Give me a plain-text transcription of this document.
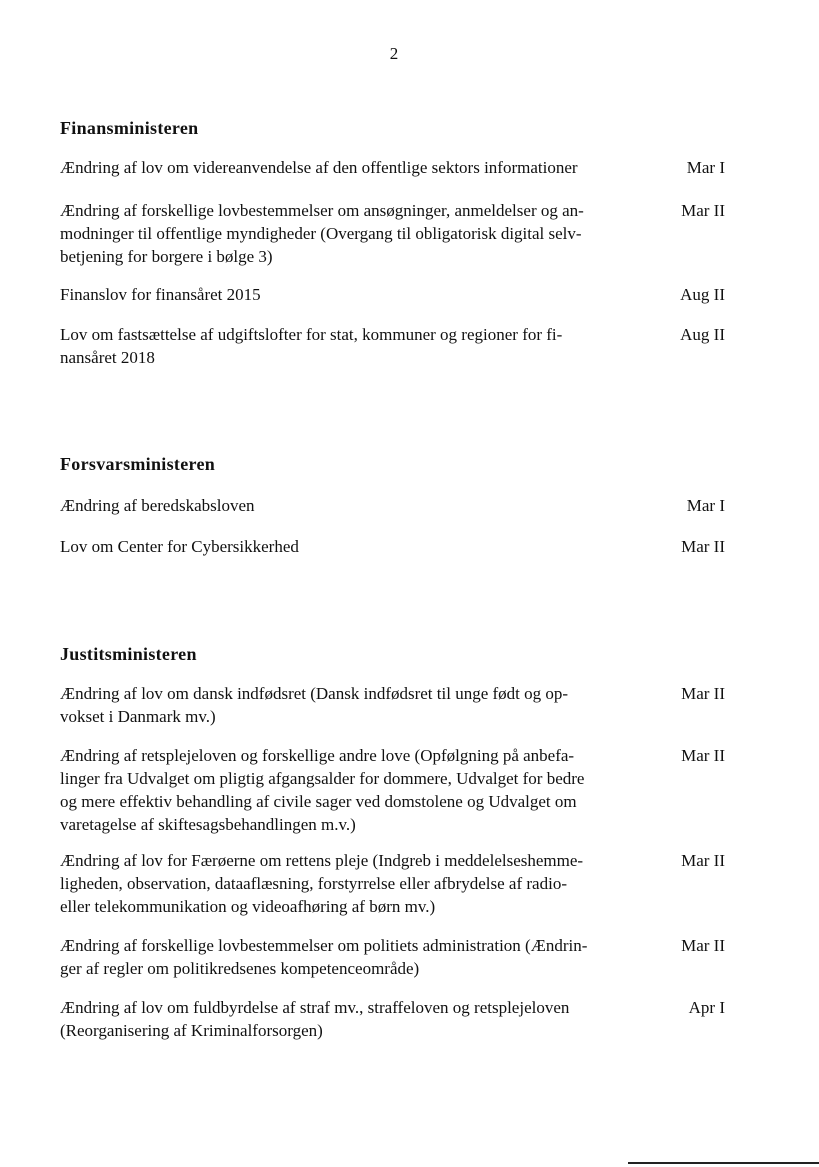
2
Finansministeren
Ændring af lov om videreanvendelse af den offentlige sektors informationer	Mar I
Ændring af forskellige lovbestemmelser om ansøgninger, anmeldelser og an-
modninger til offentlige myndigheder (Overgang til obligatorisk digital selv-
betjening for borgere i bølge 3)
Mar II
Finanslov for finansåret 2015	Aug II
Lov om fastsættelse af udgiftslofter for stat, kommuner og regioner for fi-
nansåret 2018
Aug II
Forsvarsministeren
Ændring af beredskabsloven	Mar I
Lov om Center for Cybersikkerhed	Mar II
Justitsministeren
Ændring af lov om dansk indfødsret (Dansk indfødsret til unge født og op-
vokset i Danmark mv.)
Mar II
Ændring af retsplejeloven og forskellige andre love (Opfølgning på anbefa-
linger fra Udvalget om pligtig afgangsalder for dommere, Udvalget for bedre
og mere effektiv behandling af civile sager ved domstolene og Udvalget om
varetagelse af skiftesagsbehandlingen m.v.)
Mar II
Ændring af lov for Færøerne om rettens pleje (Indgreb i meddelelseshemme-
ligheden, observation, dataaflæsning, forstyrrelse eller afbrydelse af radio-
eller telekommunikation og videoafhøring af børn mv.)
Mar II
Ændring af forskellige lovbestemmelser om politiets administration (Ændrin-
ger af regler om politikredsenes kompetenceområde)
Mar II
Ændring af lov om fuldbyrdelse af straf mv., straffeloven og retsplejeloven
(Reorganisering af Kriminalforsorgen)
Apr I
